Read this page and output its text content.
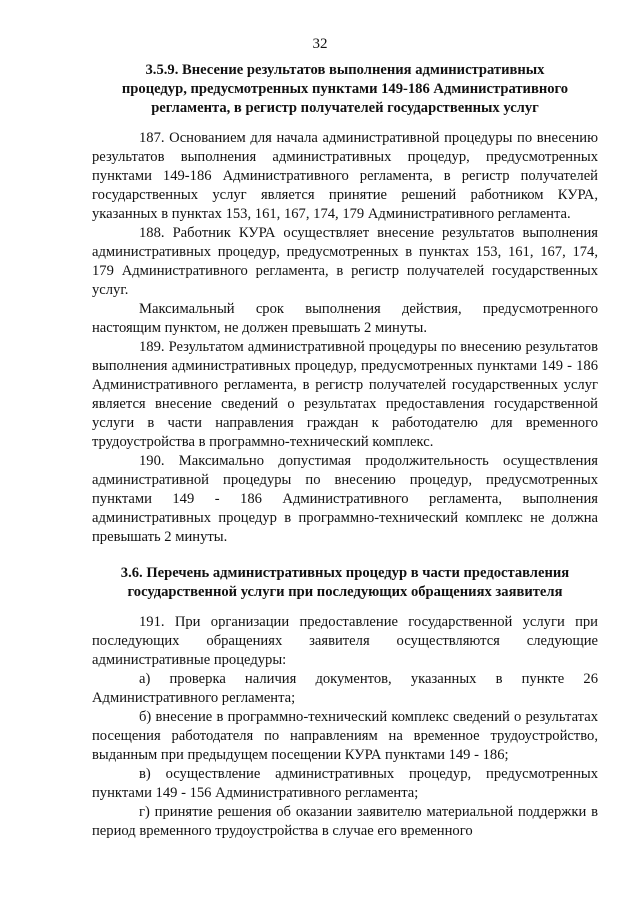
32
3.5.9. Внесение результатов выполнения административных
процедур, предусмотренных пунктами 149-186 Административного
регламента, в регистр получателей государственных услуг

187. Основанием для начала административной процедуры по внесению результатов выполнения административных процедур, предусмотренных пунктами 149-186 Административного регламента, в регистр получателей государственных услуг является принятие решений работником КУРА, указанных в пунктах 153, 161, 167, 174, 179 Административного регламента.

188. Работник КУРА осуществляет внесение результатов выполнения административных процедур, предусмотренных в пунктах 153, 161, 167, 174, 179 Административного регламента, в регистр получателей государственных услуг.

Максимальный срок выполнения действия, предусмотренного настоящим пунктом, не должен превышать 2 минуты.

189. Результатом административной процедуры по внесению результатов выполнения административных процедур, предусмотренных пунктами 149 - 186 Административного регламента, в регистр получателей государственных услуг является внесение сведений о результатах предоставления государственной услуги в части направления граждан к работодателю для временного трудоустройства в программно-технический комплекс.

190. Максимально допустимая продолжительность осуществления административной процедуры по внесению процедур, предусмотренных пунктами 149 - 186 Административного регламента, выполнения административных процедур в программно-технический комплекс не должна превышать 2 минуты.

3.6. Перечень административных процедур в части предоставления
государственной услуги при последующих обращениях заявителя

191. При организации предоставление государственной услуги при последующих обращениях заявителя осуществляются следующие административные процедуры:

а) проверка наличия документов, указанных в пункте 26 Административного регламента;

б) внесение в программно-технический комплекс сведений о результатах посещения работодателя по направлениям на временное трудоустройство, выданным при предыдущем посещении КУРА пунктами 149 - 186;

в) осуществление административных процедур, предусмотренных пунктами 149 - 156 Административного регламента;

г) принятие решения об оказании заявителю материальной поддержки в период временного трудоустройства в случае его временного
